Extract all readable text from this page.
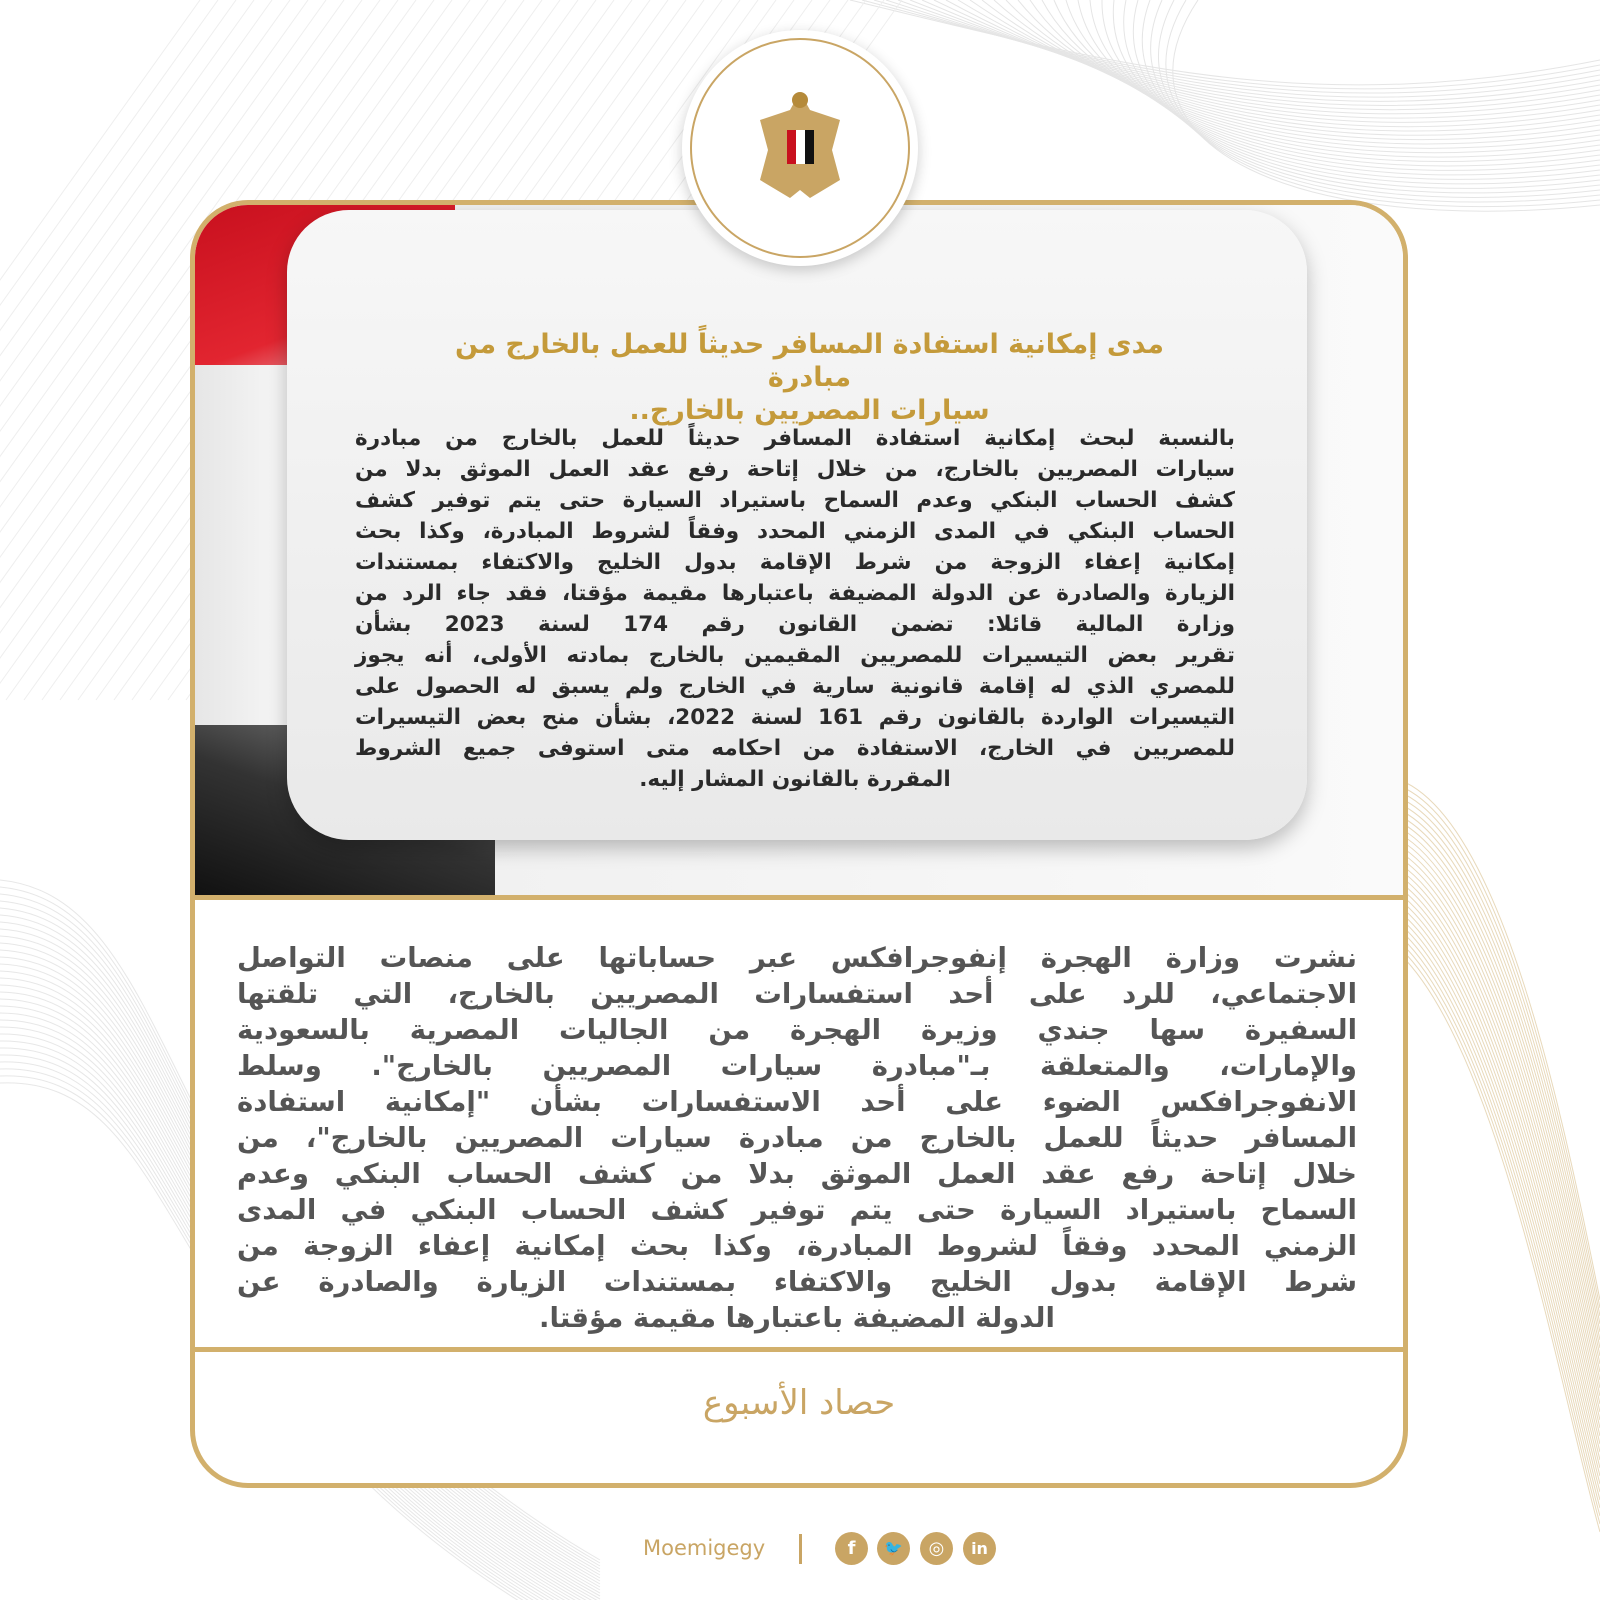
مدى إمكانية استفادة المسافر حديثاً للعمل بالخارج من مبادرة
سيارات المصريين بالخارج..
بالنسبة لبحث إمكانية استفادة المسافر حديثاً للعمل بالخارج من مبادرة
سيارات المصريين بالخارج، من خلال إتاحة رفع عقد العمل الموثق بدلا من
كشف الحساب البنكي وعدم السماح باستيراد السيارة حتى يتم توفير كشف
الحساب البنكي في المدى الزمني المحدد وفقاً لشروط المبادرة، وكذا بحث
إمكانية إعفاء الزوجة من شرط الإقامة بدول الخليج والاكتفاء بمستندات
الزيارة والصادرة عن الدولة المضيفة باعتبارها مقيمة مؤقتا، فقد جاء الرد من
وزارة المالية قائلا: تضمن القانون رقم 174 لسنة 2023 بشأن
تقرير بعض التيسيرات للمصريين المقيمين بالخارج بمادته الأولى، أنه يجوز
للمصري الذي له إقامة قانونية سارية في الخارج ولم يسبق له الحصول على
التيسيرات الواردة بالقانون رقم 161 لسنة 2022، بشأن منح بعض التيسيرات
للمصريين في الخارج، الاستفادة من احكامه متى استوفى جميع الشروط
المقررة بالقانون المشار إليه.
نشرت وزارة الهجرة إنفوجرافكس عبر حساباتها على منصات التواصل
الاجتماعي، للرد على أحد استفسارات المصريين بالخارج، التي تلقتها
السفيرة سها جندي وزيرة الهجرة من الجاليات المصرية بالسعودية
والإمارات، والمتعلقة بـ"مبادرة سيارات المصريين بالخارج". وسلط
الانفوجرافكس الضوء على أحد الاستفسارات بشأن "إمكانية استفادة
المسافر حديثاً للعمل بالخارج من مبادرة سيارات المصريين بالخارج"، من
خلال إتاحة رفع عقد العمل الموثق بدلا من كشف الحساب البنكي وعدم
السماح باستيراد السيارة حتى يتم توفير كشف الحساب البنكي في المدى
الزمني المحدد وفقاً لشروط المبادرة، وكذا بحث إمكانية إعفاء الزوجة من
شرط الإقامة بدول الخليج والاكتفاء بمستندات الزيارة والصادرة عن
الدولة المضيفة باعتبارها مقيمة مؤقتا.
حصاد الأسبوع
Moemigegy	f	🐦	◎	in
